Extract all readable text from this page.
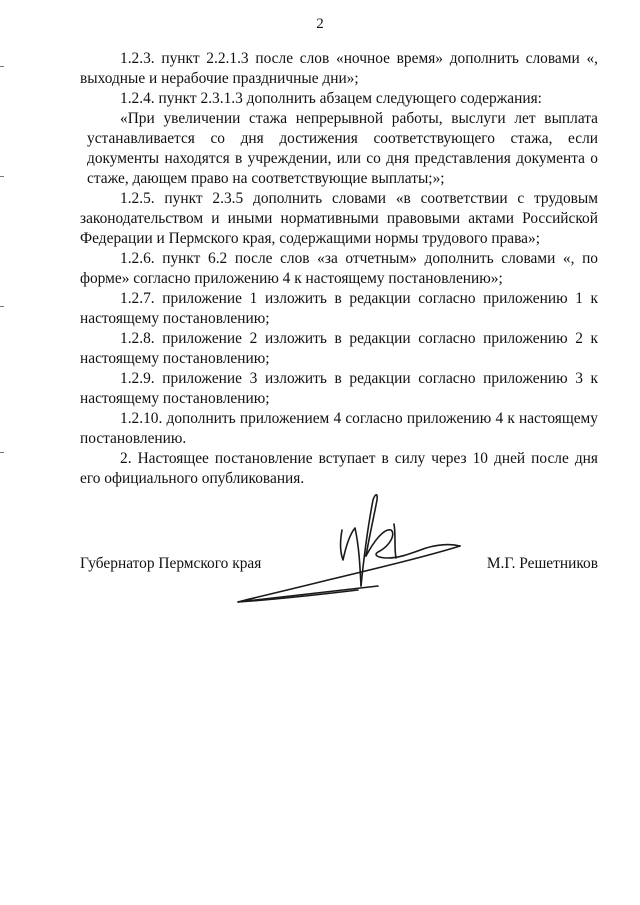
2

1.2.3. пункт 2.2.1.3 после слов «ночное время» дополнить словами «, выходные и нерабочие праздничные дни»;

1.2.4. пункт 2.3.1.3 дополнить абзацем следующего содержания:

«При увеличении стажа непрерывной работы, выслуги лет выплата устанавливается со дня достижения соответствующего стажа, если документы находятся в учреждении, или со дня представления документа о стаже, дающем право на соответствующие выплаты;»;

1.2.5. пункт 2.3.5 дополнить словами «в соответствии с трудовым законодательством и иными нормативными правовыми актами Российской Федерации и Пермского края, содержащими нормы трудового права»;

1.2.6. пункт 6.2 после слов «за отчетным» дополнить словами «, по форме» согласно приложению 4 к настоящему постановлению»;

1.2.7. приложение 1 изложить в редакции согласно приложению 1 к настоящему постановлению;

1.2.8. приложение 2 изложить в редакции согласно приложению 2 к настоящему постановлению;

1.2.9. приложение 3 изложить в редакции согласно приложению 3 к настоящему постановлению;

1.2.10. дополнить приложением 4 согласно приложению 4 к настоящему постановлению.

2. Настоящее постановление вступает в силу через 10 дней после дня его официального опубликования.

Губернатор Пермского края	М.Г. Решетников
